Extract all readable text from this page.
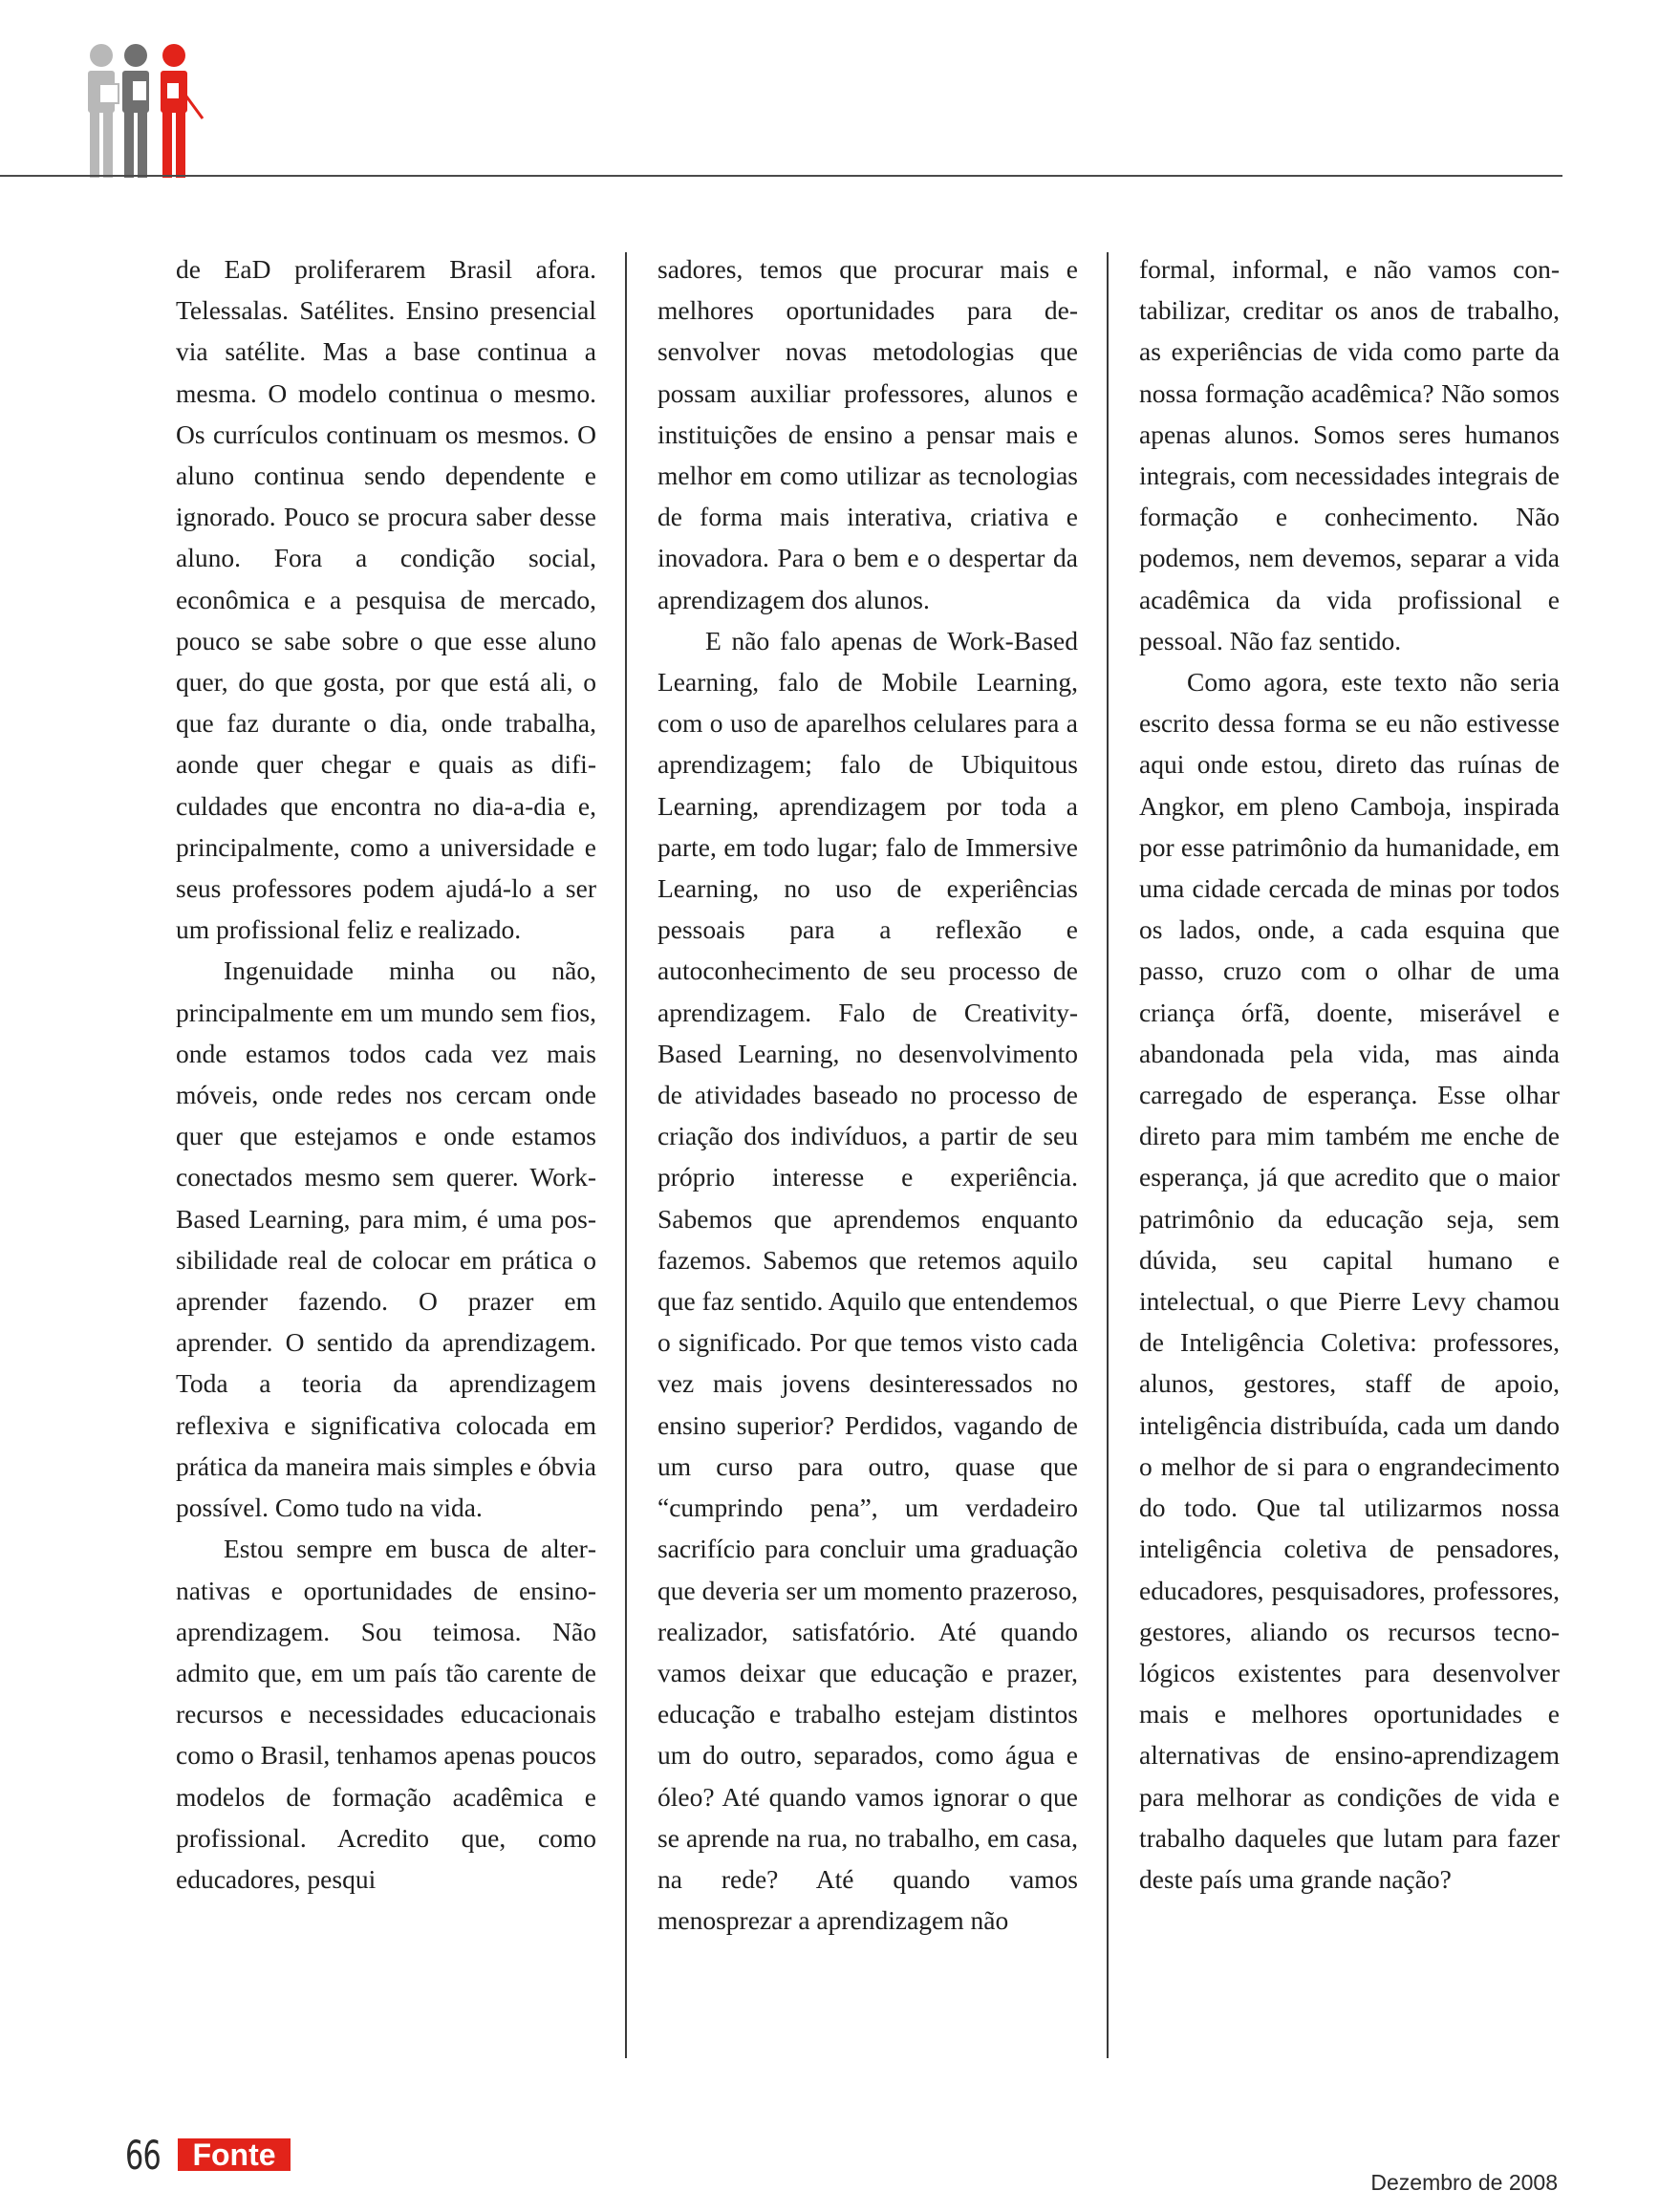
de EaD proliferarem Brasil afora. Telessalas. Satélites. Ensino presencial via satélite. Mas a base continua a mesma. O modelo continua o mesmo. Os currículos continuam os mesmos. O aluno continua sendo dependente e ignorado. Pouco se procura saber desse aluno. Fora a condição social, econômica e a pesquisa de mercado, pouco se sabe sobre o que esse aluno quer, do que gosta, por que está ali, o que faz durante o dia, onde trabalha, aonde quer chegar e quais as dificuldades que encontra no dia-a-dia e, principalmente, como a universidade e seus professores podem ajudá-lo a ser um profissional feliz e realizado.

Ingenuidade minha ou não, principalmente em um mundo sem fios, onde estamos todos cada vez mais móveis, onde redes nos cercam onde quer que estejamos e onde estamos conectados mesmo sem querer. Work-Based Learning, para mim, é uma possibilidade real de colocar em prática o aprender fazendo. O prazer em aprender. O sentido da aprendizagem. Toda a teoria da aprendizagem reflexiva e significativa colocada em prática da maneira mais simples e óbvia possível. Como tudo na vida.

Estou sempre em busca de alternativas e oportunidades de ensino-aprendizagem. Sou teimosa. Não admito que, em um país tão carente de recursos e necessidades educacionais como o Brasil, tenhamos apenas poucos modelos de formação acadêmica e profissional. Acredito que, como educadores, pesqui

sadores, temos que procurar mais e melhores oportunidades para desenvolver novas metodologias que possam auxiliar professores, alunos e instituições de ensino a pensar mais e melhor em como utilizar as tecnologias de forma mais interativa, criativa e inovadora. Para o bem e o despertar da aprendizagem dos alunos.

E não falo apenas de Work-Based Learning, falo de Mobile Learning, com o uso de aparelhos celulares para a aprendizagem; falo de Ubiquitous Learning, aprendizagem por toda a parte, em todo lugar; falo de Immersive Learning, no uso de experiências pessoais para a reflexão e autoconhecimento de seu processo de aprendizagem. Falo de Creativity-Based Learning, no desenvolvimento de atividades baseado no processo de criação dos indivíduos, a partir de seu próprio interesse e experiência. Sabemos que aprendemos enquanto fazemos. Sabemos que retemos aquilo que faz sentido. Aquilo que entendemos o significado. Por que temos visto cada vez mais jovens desinteressados no ensino superior? Perdidos, vagando de um curso para outro, quase que “cumprindo pena”, um verdadeiro sacrifício para concluir uma graduação que deveria ser um momento prazeroso, realizador, satisfatório. Até quando vamos deixar que educação e prazer, educação e trabalho estejam distintos um do outro, separados, como água e óleo? Até quando vamos ignorar o que se aprende na rua, no trabalho, em casa, na rede? Até quando vamos menosprezar a aprendizagem não

formal, informal, e não vamos contabilizar, creditar os anos de trabalho, as experiências de vida como parte da nossa formação acadêmica? Não somos apenas alunos. Somos seres humanos integrais, com necessidades integrais de formação e conhecimento. Não podemos, nem devemos, separar a vida acadêmica da vida profissional e pessoal. Não faz sentido.

Como agora, este texto não seria escrito dessa forma se eu não estivesse aqui onde estou, direto das ruínas de Angkor, em pleno Camboja, inspirada por esse patrimônio da humanidade, em uma cidade cercada de minas por todos os lados, onde, a cada esquina que passo, cruzo com o olhar de uma criança órfã, doente, miserável e abandonada pela vida, mas ainda carregado de esperança. Esse olhar direto para mim também me enche de esperança, já que acredito que o maior patrimônio da educação seja, sem dúvida, seu capital humano e intelectual, o que Pierre Levy chamou de Inteligência Coletiva: professores, alunos, gestores, staff de apoio, inteligência distribuída, cada um dando o melhor de si para o engrandecimento do todo. Que tal utilizarmos nossa inteligência coletiva de pensadores, educadores, pesquisadores, professores, gestores, aliando os recursos tecnológicos existentes para desenvolver mais e melhores oportunidades e alternativas de ensino-aprendizagem para melhorar as condições de vida e trabalho daqueles que lutam para fazer deste país uma grande nação?

66	Fonte
Dezembro de 2008
